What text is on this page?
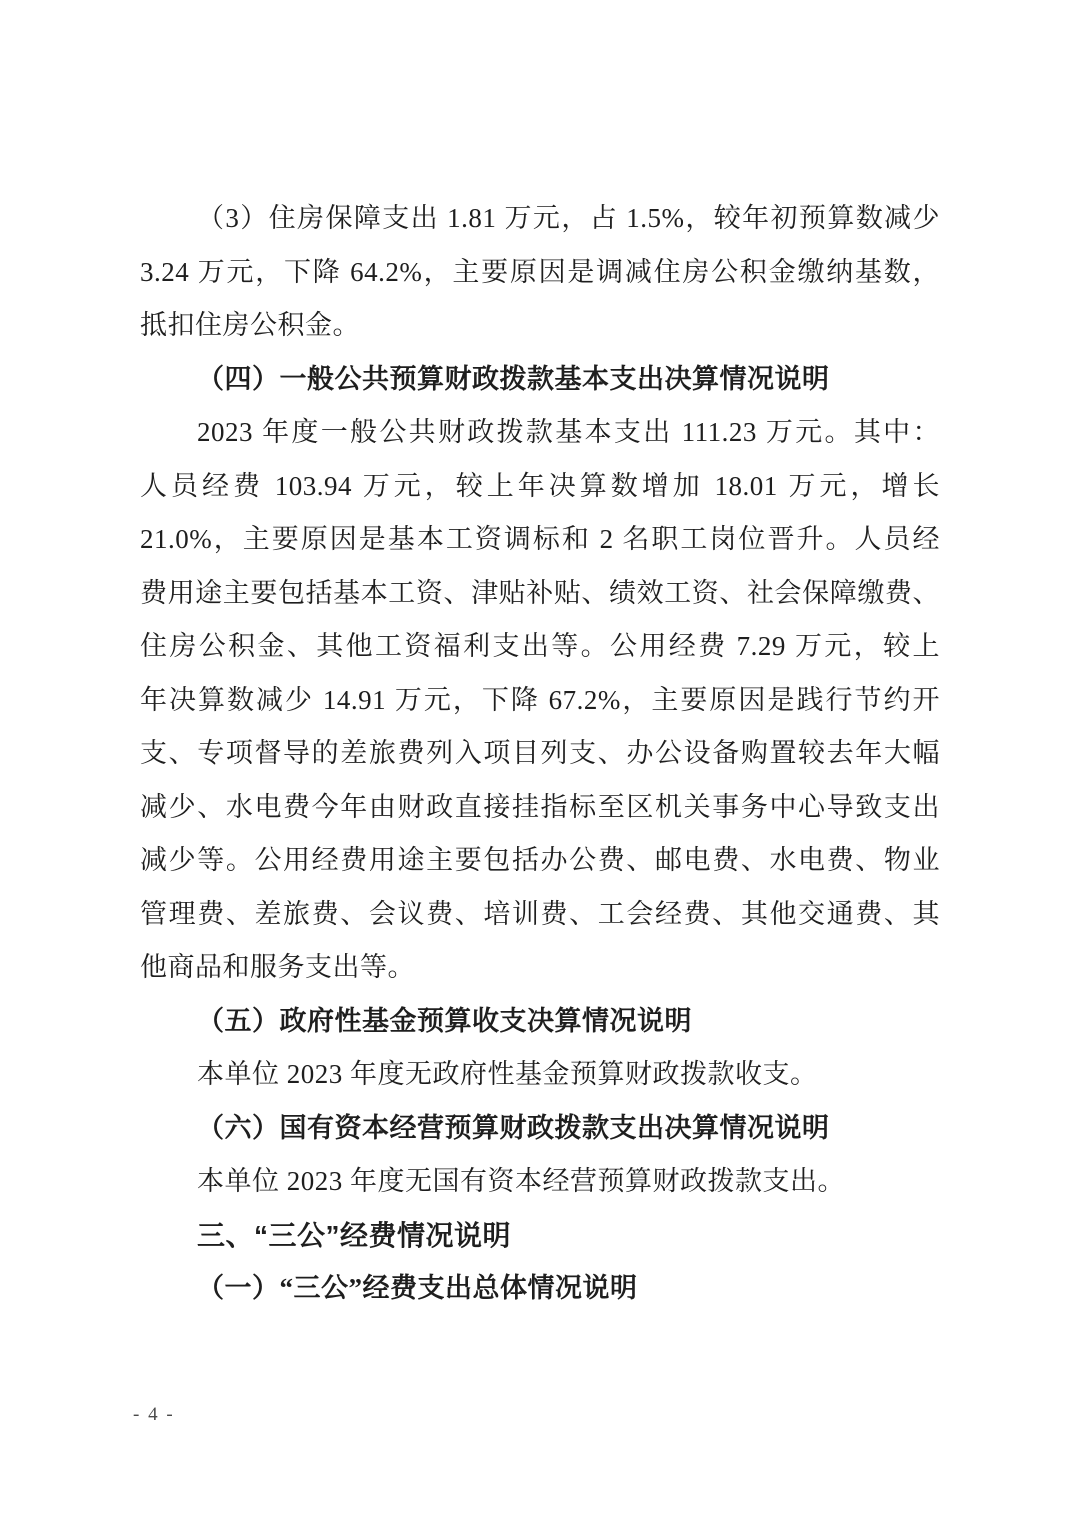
（3）住房保障支出 1.81 万元，占 1.5%，较年初预算数减少
3.24 万元，下降 64.2%，主要原因是调减住房公积金缴纳基数，
抵扣住房公积金。
（四）一般公共预算财政拨款基本支出决算情况说明
2023 年度一般公共财政拨款基本支出 111.23 万元。其中：
人员经费 103.94 万元，较上年决算数增加 18.01 万元，增长
21.0%，主要原因是基本工资调标和 2 名职工岗位晋升。人员经
费用途主要包括基本工资、津贴补贴、绩效工资、社会保障缴费、
住房公积金、其他工资福利支出等。公用经费 7.29 万元，较上
年决算数减少 14.91 万元，下降 67.2%，主要原因是践行节约开
支、专项督导的差旅费列入项目列支、办公设备购置较去年大幅
减少、水电费今年由财政直接挂指标至区机关事务中心导致支出
减少等。公用经费用途主要包括办公费、邮电费、水电费、物业
管理费、差旅费、会议费、培训费、工会经费、其他交通费、其
他商品和服务支出等。
（五）政府性基金预算收支决算情况说明
本单位 2023 年度无政府性基金预算财政拨款收支。
（六）国有资本经营预算财政拨款支出决算情况说明
本单位 2023 年度无国有资本经营预算财政拨款支出。
三、“三公”经费情况说明
（一）“三公”经费支出总体情况说明
- 4 -
